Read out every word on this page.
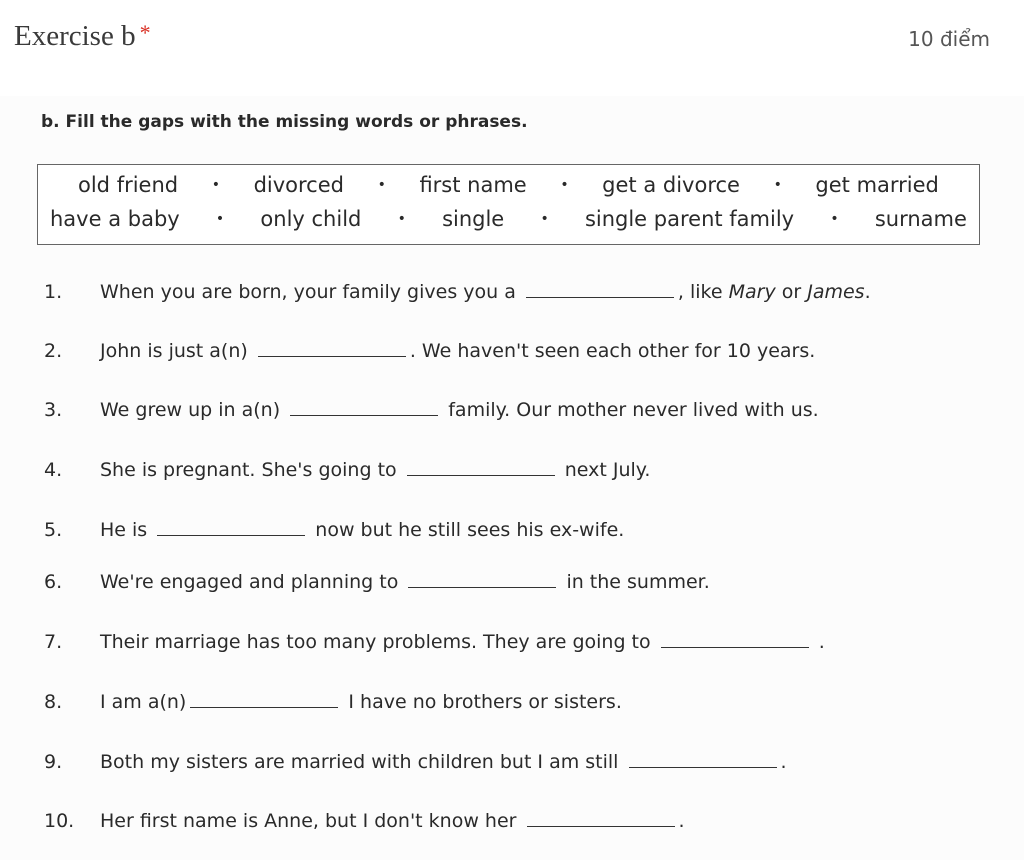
Exercise b *	10 điểm
b. Fill the gaps with the missing words or phrases.
old friend • divorced • first name • get a divorce • get married
have a baby	• only child	• single	• single parent family	• surname
1.	When you are born, your family gives you a	, like Mary or James.
2.	John is just a(n)	. We haven't seen each other for 10 years.
3.	We grew up in a(n)	family. Our mother never lived with us.
4.	She is pregnant. She's going to	next July.
5.	He is	now but he still sees his ex-wife.
6.	We're engaged and planning to	in the summer.
7.	Their marriage has too many problems. They are going to	.
8.	I am a(n)	I have no brothers or sisters.
9.	Both my sisters are married with children but I am still	.
10.	Her first name is Anne, but I don't know her	.
